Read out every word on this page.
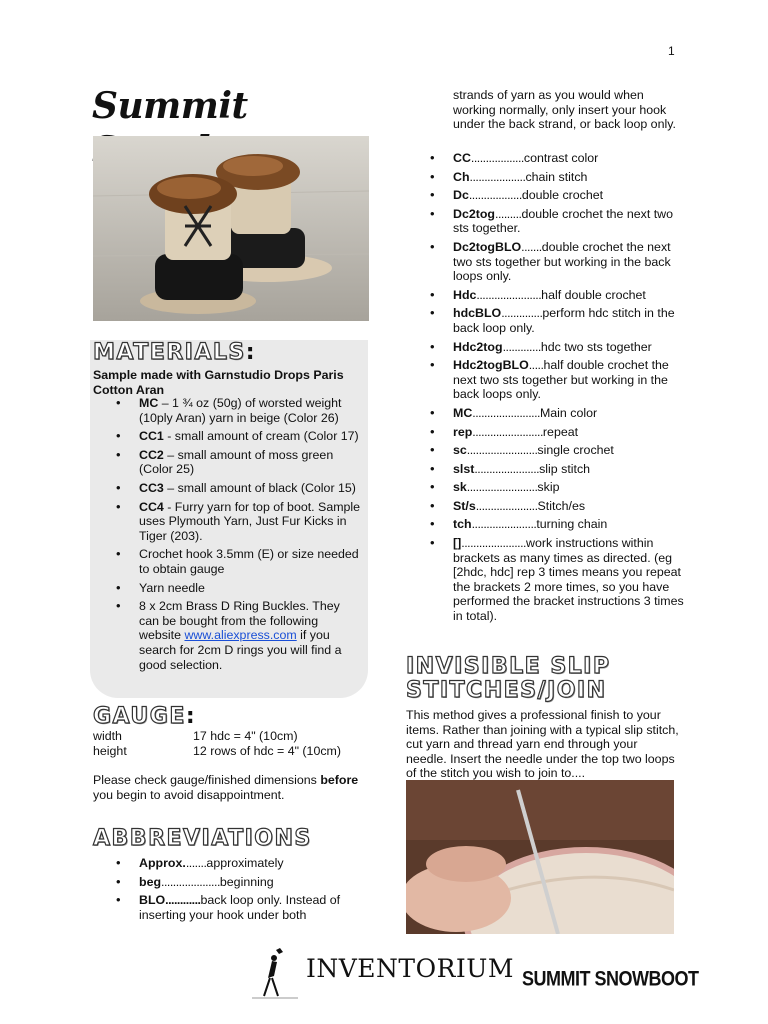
1
Summit
MATERIALS:
Sample made with Garnstudio Drops Paris Cotton Aran
• MC – 1 ¾ oz (50g) of worsted weight (10ply Aran) yarn in beige (Color 26)
• CC1 - small amount of cream (Color 17)
• CC2 – small amount of moss green (Color 25)
• CC3 – small amount of black (Color 15)
• CC4 - Furry yarn for top of boot. Sample uses Plymouth Yarn, Just Fur Kicks in Tiger (203).
• Crochet hook 3.5mm (E) or size needed to obtain gauge
• Yarn needle
• 8 x 2cm Brass D Ring Buckles. They can be bought from the following website www.aliexpress.com if you search for 2cm D rings you will find a good selection.
GAUGE:
width	17 hdc = 4" (10cm)
height	12 rows of hdc = 4" (10cm)
Please check gauge/finished dimensions before you begin to avoid disappointment.
ABBREVIATIONS
• Approx........approximately
• beg....................beginning
• BLO............back loop only. Instead of inserting your hook under both
strands of yarn as you would when working normally, only insert your hook under the back strand, or back loop only.
• CC..................contrast color
• Ch...................chain stitch
• Dc..................double crochet
• Dc2tog.........double crochet the next two sts together.
• Dc2togBLO.......double crochet the next two sts together but working in the back loops only.
• Hdc......................half double crochet
• hdcBLO..............perform hdc stitch in the back loop only.
• Hdc2tog.............hdc two sts together
• Hdc2togBLO.....half double crochet the next two sts together but working in the back loops only.
• MC.......................Main color
• rep........................repeat
• sc........................single crochet
• slst......................slip stitch
• sk........................skip
• St/s.....................Stitch/es
• tch......................turning chain
• []......................work instructions within brackets as many times as directed. (eg [2hdc, hdc] rep 3 times means you repeat the brackets 2 more times, so you have performed the bracket instructions 3 times in total).
INVISIBLE SLIP
STITCHES/JOIN
This method gives a professional finish to your items. Rather than joining with a typical slip stitch, cut yarn and thread yarn end through your needle. Insert the needle under the top two loops of the stitch you wish to join to....
INVENTORIUM SUMMIT SNOWBOOT
